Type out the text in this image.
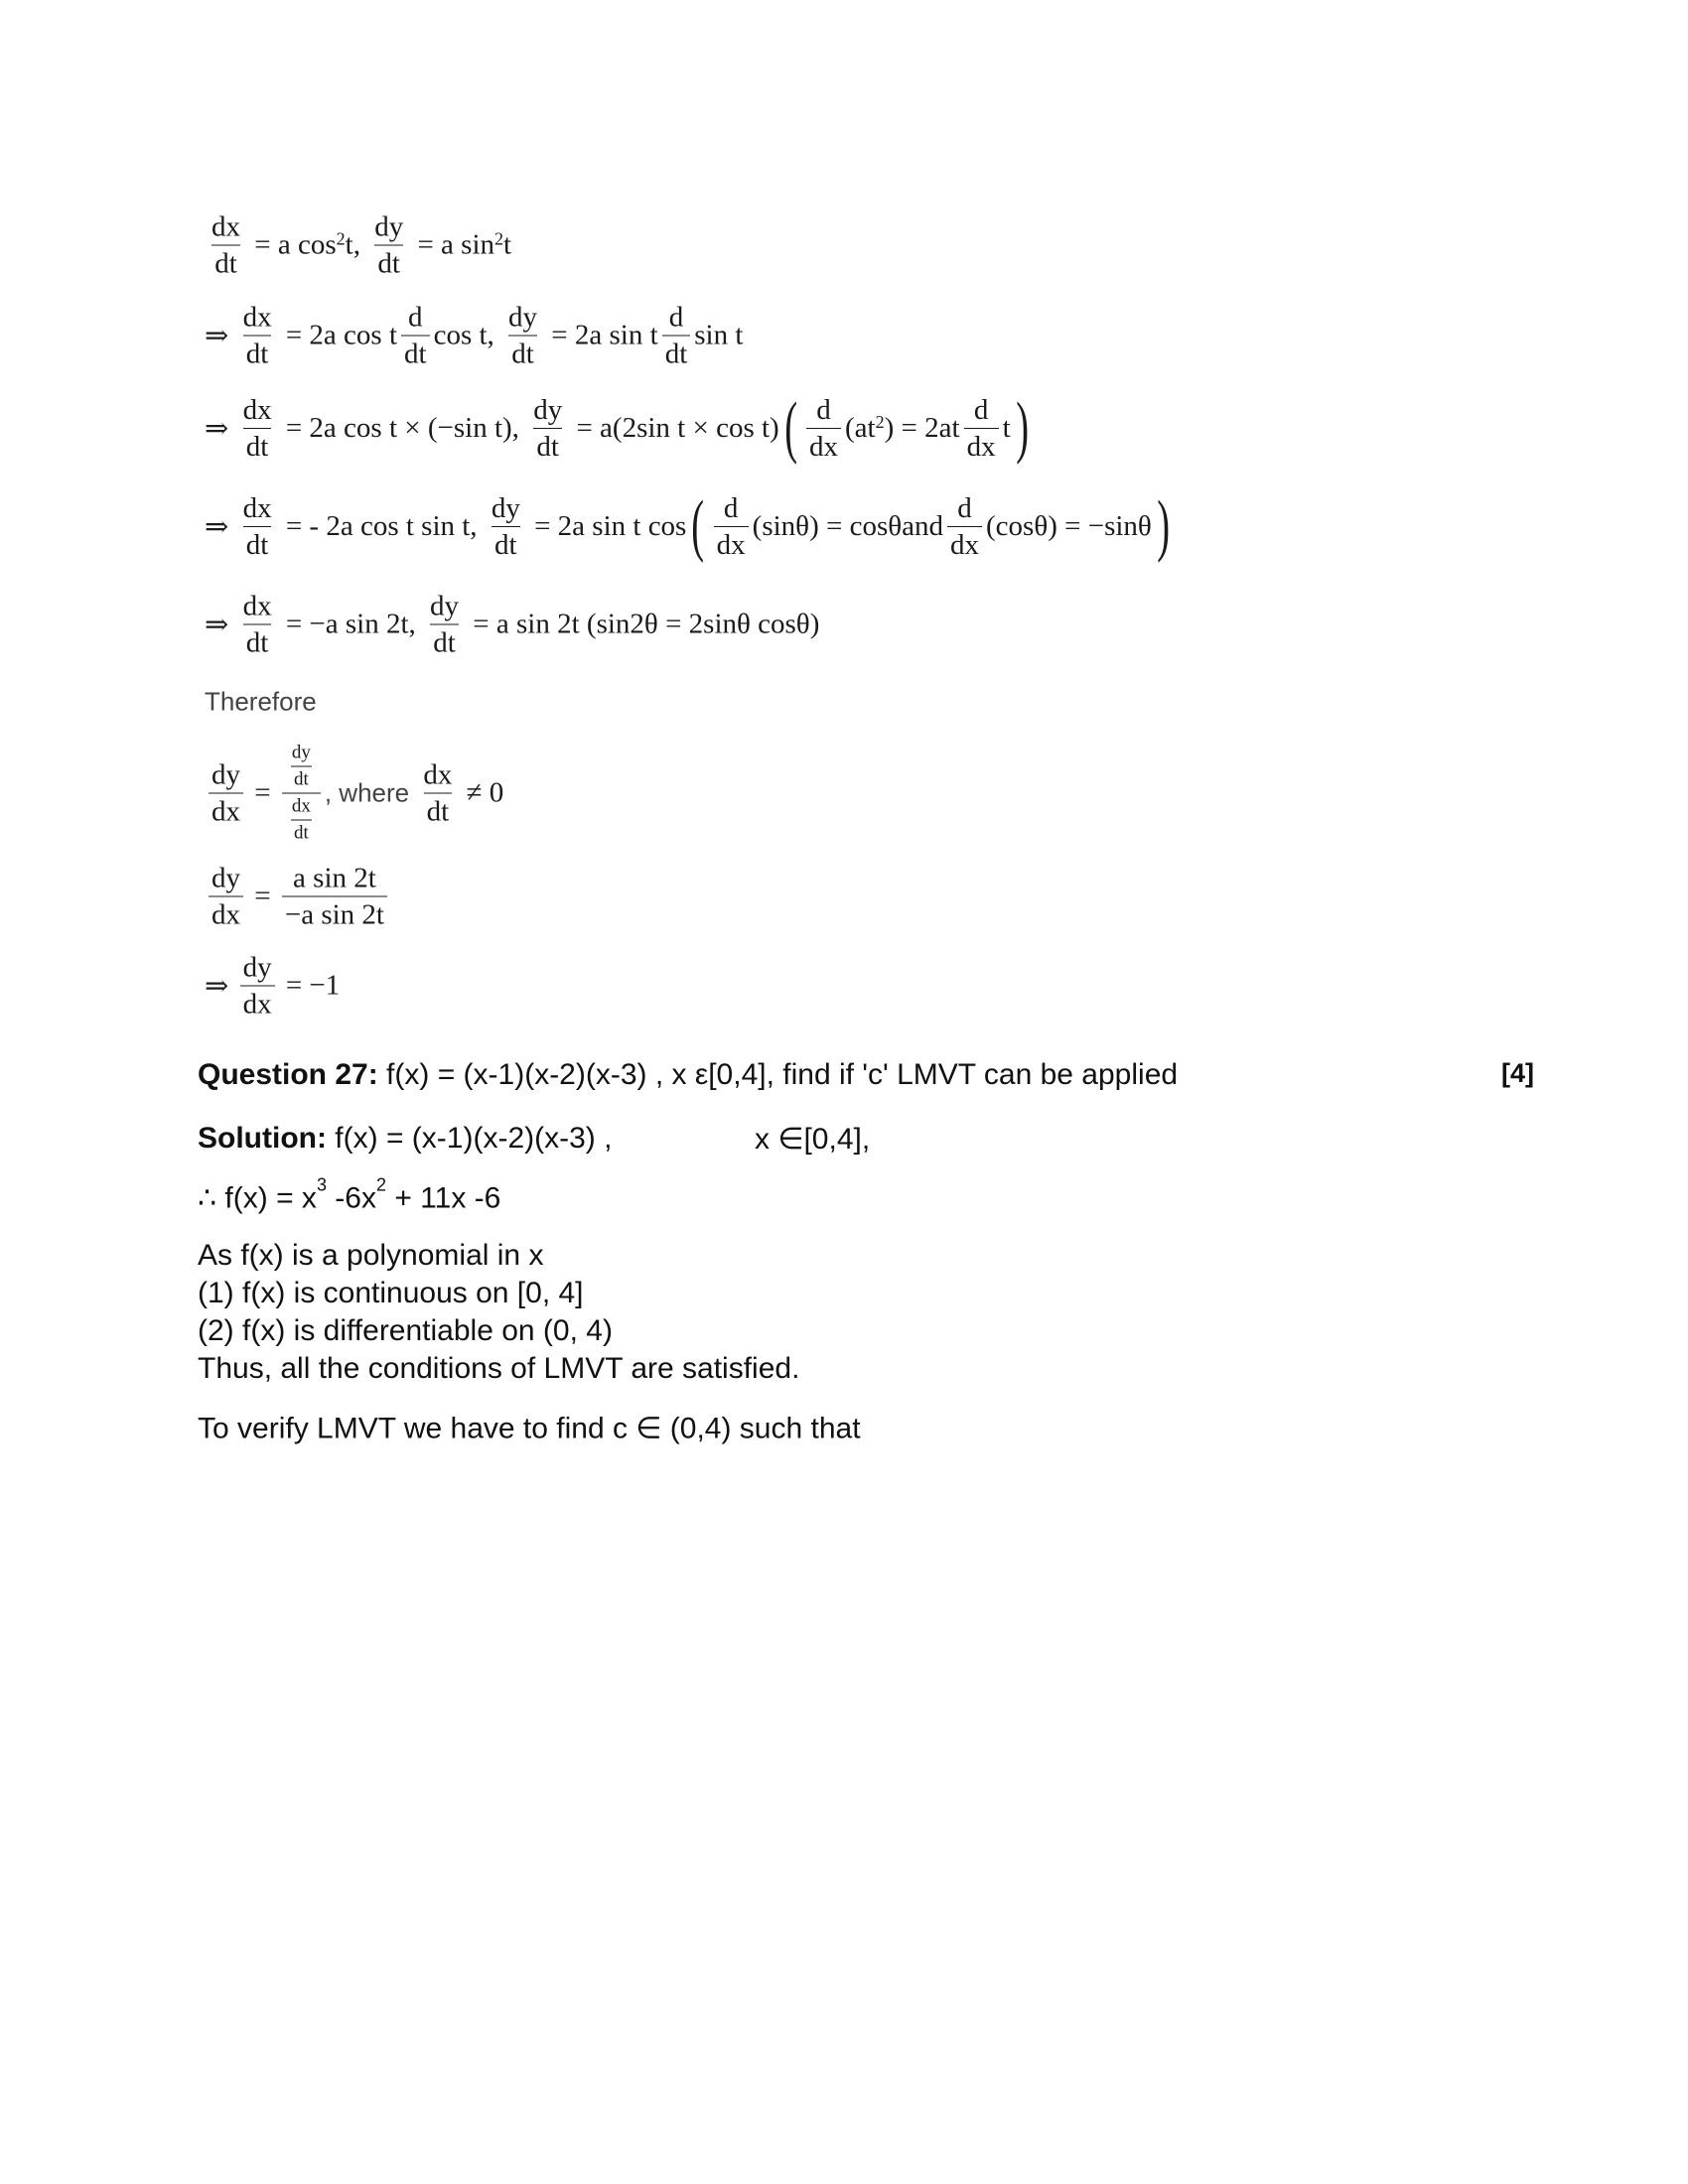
$\frac{dx}{dt} = a$ $\cos^2 t$, $\frac{dy}{dt} = a$ $\sin^2 t$
⇒ $\frac{dx}{dt} = 2a$ cos t $\frac{d}{dt}$ cos t, $\frac{dy}{dt} = 2a$ sin t $\frac{d}{dt}$ sin t
⇒ $\frac{dx}{dt} = 2a$ cos t × (−sin t), $\frac{dy}{dt} = a(2\sin$ t × cos t) ( $\frac{d}{dx} (at^2$ ) = $2at \frac{d}{dx}$ t )
⇒ $\frac{dx}{dt}$ = - 2a cos t sin t, $\frac{dy}{dt} = 2a$ sin t cos ( $\frac{d}{dx} (\sin\theta) = \cos\theta and \frac{d}{dx} (\cos\theta) = -\sin\theta$ )
⇒ $\frac{dx}{dt} = -a$ sin 2t, $\frac{dy}{dt} = a$ sin 2t (sin2θ = 2sinθ cosθ)
Therefore
$\frac{dy}{dx}$ =
$\frac{dy}{dt}$
$\frac{dx}{dt}$
, where $\frac{dx}{dt} \ne 0$
$\frac{dy}{dx} = \frac{\text{a sin 2t}}{\text{−a sin 2t}}$
⇒ $\frac{dy}{dx} = -1$
Question 27: f(x) = (x-1)(x-2)(x-3) , x ε[0,4], find if 'c' LMVT can be applied	[4]
Solution: f(x) = (x-1)(x-2)(x-3) ,	x ∈[0,4],
∴ $f(x) = x^3$ $-6x^2 + 11x$ -6
As f(x) is a polynomial in x
(1) f(x) is continuous on [0, 4]
(2) f(x) is differentiable on (0, 4)
Thus, all the conditions of LMVT are satisfied.
To verify LMVT we have to find c ∈ (0,4) such that
